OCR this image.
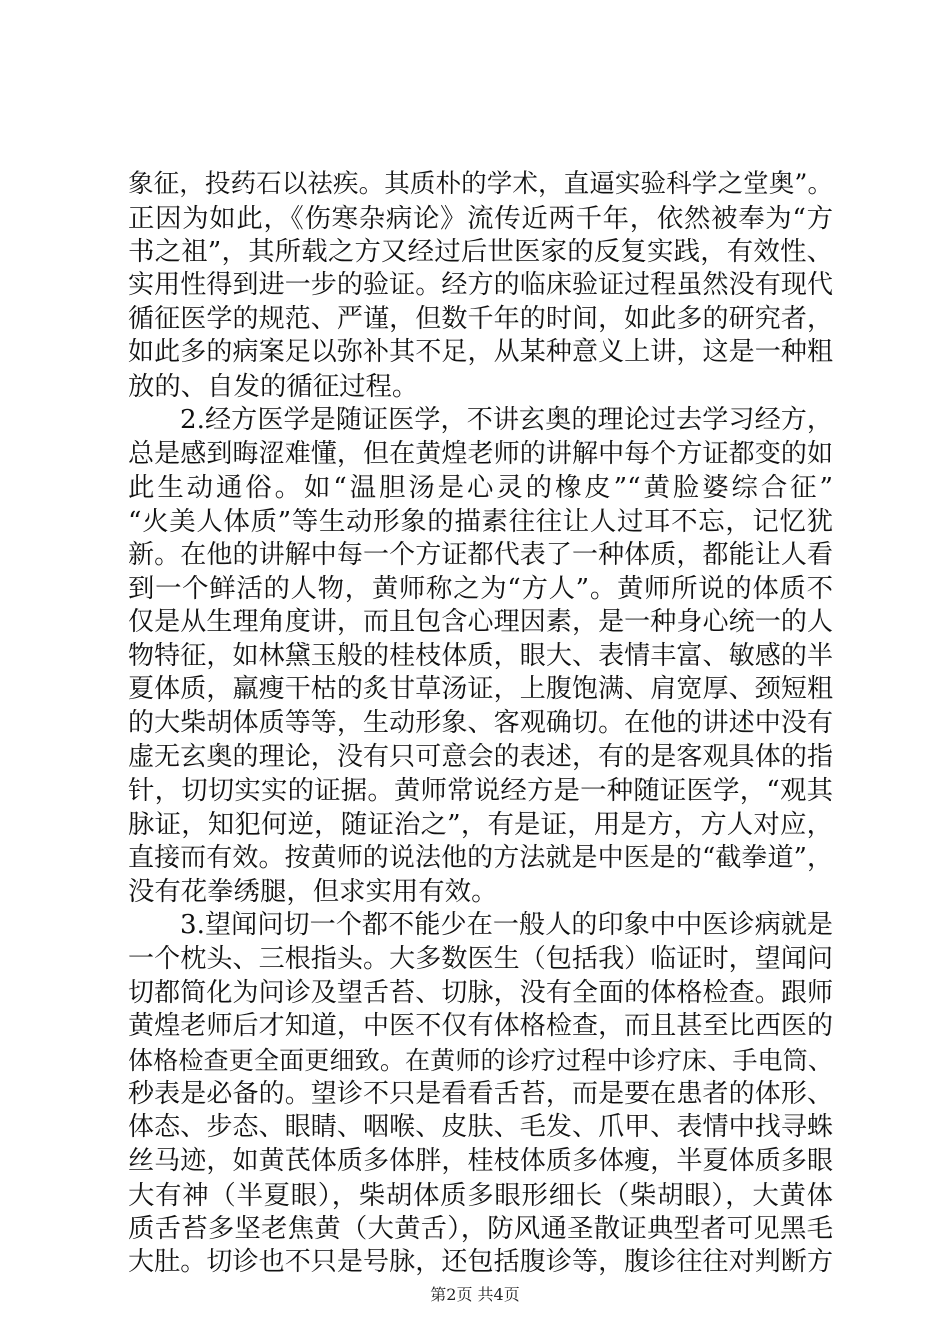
象征，投药石以祛疾。其质朴的学术，直逼实验科学之堂奥”。
正因为如此，《伤寒杂病论》流传近两千年，依然被奉为“方
书之祖”，其所载之方又经过后世医家的反复实践，有效性、
实用性得到进一步的验证。经方的临床验证过程虽然没有现代
循征医学的规范、严谨，但数千年的时间，如此多的研究者，
如此多的病案足以弥补其不足，从某种意义上讲，这是一种粗
放的、自发的循征过程。
2.经方医学是随证医学，不讲玄奥的理论过去学习经方，
总是感到晦涩难懂，但在黄煌老师的讲解中每个方证都变的如
此生动通俗。如“温胆汤是心灵的橡皮”“黄脸婆综合征”
“火美人体质”等生动形象的描素往往让人过耳不忘，记忆犹
新。在他的讲解中每一个方证都代表了一种体质，都能让人看
到一个鲜活的人物，黄师称之为“方人”。黄师所说的体质不
仅是从生理角度讲，而且包含心理因素，是一种身心统一的人
物特征，如林黛玉般的桂枝体质，眼大、表情丰富、敏感的半
夏体质，羸瘦干枯的炙甘草汤证，上腹饱满、肩宽厚、颈短粗
的大柴胡体质等等，生动形象、客观确切。在他的讲述中没有
虚无玄奥的理论，没有只可意会的表述，有的是客观具体的指
针，切切实实的证据。黄师常说经方是一种随证医学，“观其
脉证，知犯何逆，随证治之”，有是证，用是方，方人对应，
直接而有效。按黄师的说法他的方法就是中医是的“截拳道”，
没有花拳绣腿，但求实用有效。
3.望闻问切一个都不能少在一般人的印象中中医诊病就是
一个枕头、三根指头。大多数医生（包括我）临证时，望闻问
切都简化为问诊及望舌苔、切脉，没有全面的体格检查。跟师
黄煌老师后才知道，中医不仅有体格检查，而且甚至比西医的
体格检查更全面更细致。在黄师的诊疗过程中诊疗床、手电筒、
秒表是必备的。望诊不只是看看舌苔，而是要在患者的体形、
体态、步态、眼睛、咽喉、皮肤、毛发、爪甲、表情中找寻蛛
丝马迹，如黄芪体质多体胖，桂枝体质多体瘦，半夏体质多眼
大有神（半夏眼），柴胡体质多眼形细长（柴胡眼），大黄体
质舌苔多坚老焦黄（大黄舌），防风通圣散证典型者可见黑毛
大肚。切诊也不只是号脉，还包括腹诊等，腹诊往往对判断方
第2页 共4页
